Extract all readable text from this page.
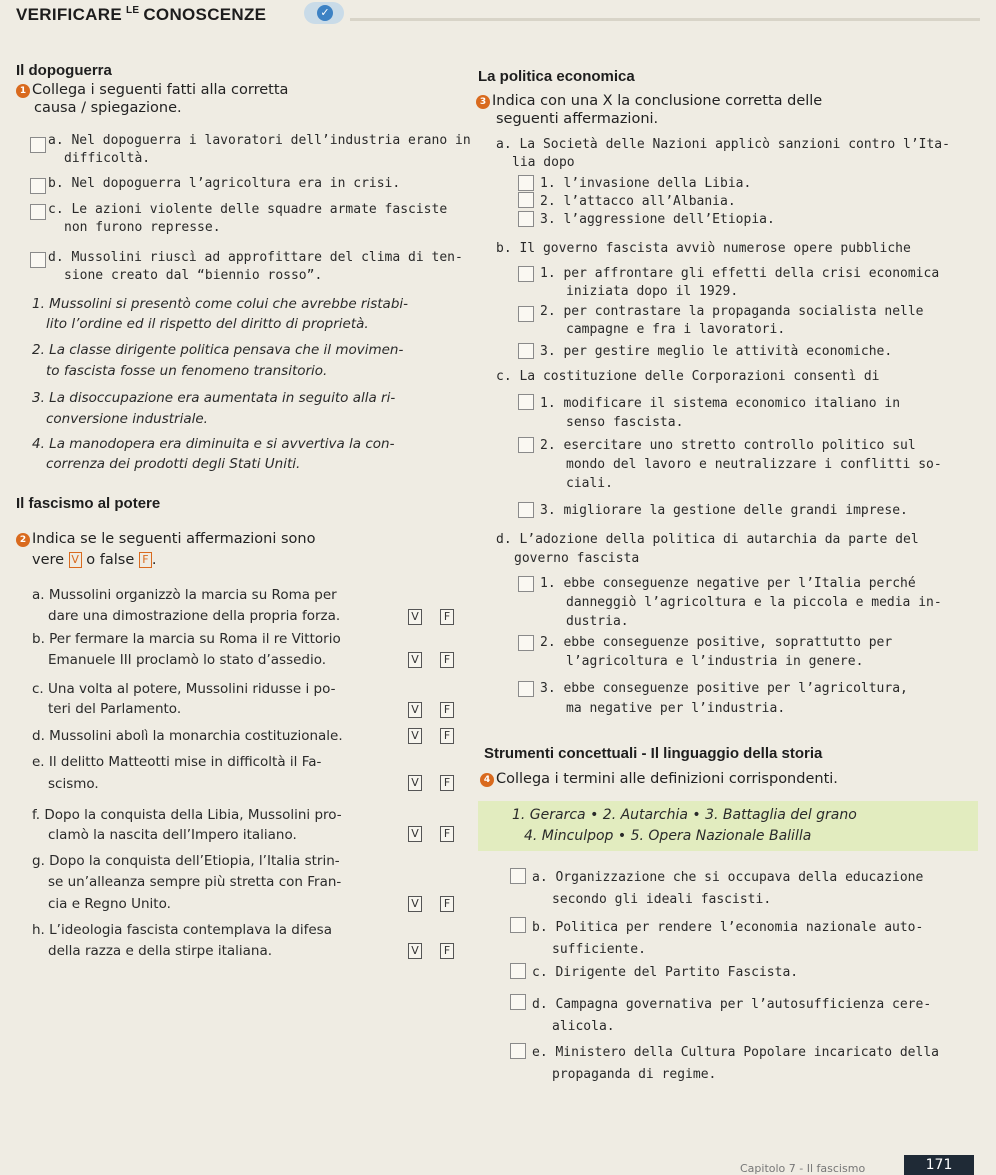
VERIFICARE $^{LE}$ CONOSCENZE	✓
Il dopoguerra
1 Collega i seguenti fatti alla corretta
causa / spiegazione.
a. Nel dopoguerra i lavoratori dell’industria erano in
difficoltà.
b. Nel dopoguerra l’agricoltura era in crisi.
c. Le azioni violente delle squadre armate fasciste
non furono represse.
d. Mussolini riuscì ad approfittare del clima di ten-
sione creato dal “biennio rosso”.
1. Mussolini si presentò come colui che avrebbe ristabi-
lito l’ordine ed il rispetto del diritto di proprietà.
2. La classe dirigente politica pensava che il movimen-
to fascista fosse un fenomeno transitorio.
3. La disoccupazione era aumentata in seguito alla ri-
conversione industriale.
4. La manodopera era diminuita e si avvertiva la con-
correnza dei prodotti degli Stati Uniti.
Il fascismo al potere
2 Indica se le seguenti affermazioni sono
vere V o false F .
a. Mussolini organizzò la marcia su Roma per
dare una dimostrazione della propria forza.	V	F
b. Per fermare la marcia su Roma il re Vittorio
Emanuele III proclamò lo stato d’assedio.	V	F
c. Una volta al potere, Mussolini ridusse i po-
teri del Parlamento.	V	F
d. Mussolini abolì la monarchia costituzionale.	V	F
e. Il delitto Matteotti mise in difficoltà il Fa-
scismo.	V	F
f. Dopo la conquista della Libia, Mussolini pro-
clamò la nascita dell’Impero italiano.	V	F
g. Dopo la conquista dell’Etiopia, l’Italia strin-
se un’alleanza sempre più stretta con Fran-
cia e Regno Unito.	V	F
h. L’ideologia fascista contemplava la difesa
della razza e della stirpe italiana.	V	F
La politica economica
3 Indica con una X la conclusione corretta delle
seguenti affermazioni.
a. La Società delle Nazioni applicò sanzioni contro l’Ita-
lia dopo
1. l’invasione della Libia.
2. l’attacco all’Albania.
3. l’aggressione dell’Etiopia.
b. Il governo fascista avviò numerose opere pubbliche
1. per affrontare gli effetti della crisi economica
iniziata dopo il 1929.
2. per contrastare la propaganda socialista nelle
campagne e fra i lavoratori.
3. per gestire meglio le attività economiche.
c. La costituzione delle Corporazioni consentì di
1. modificare il sistema economico italiano in
senso fascista.
2. esercitare uno stretto controllo politico sul
mondo del lavoro e neutralizzare i conflitti so-
ciali.
3. migliorare la gestione delle grandi imprese.
d. L’adozione della politica di autarchia da parte del
governo fascista
1. ebbe conseguenze negative per l’Italia perché
danneggiò l’agricoltura e la piccola e media in-
dustria.
2. ebbe conseguenze positive, soprattutto per
l’agricoltura e l’industria in genere.
3. ebbe conseguenze positive per l’agricoltura,
ma negative per l’industria.
Strumenti concettuali - Il linguaggio della storia
4 Collega i termini alle definizioni corrispondenti.
1. Gerarca • 2. Autarchia • 3. Battaglia del grano
4. Minculpop • 5. Opera Nazionale Balilla
a. Organizzazione che si occupava della educazione
secondo gli ideali fascisti.
b. Politica per rendere l’economia nazionale auto-
sufficiente.
c. Dirigente del Partito Fascista.
d. Campagna governativa per l’autosufficienza cere-
alicola.
e. Ministero della Cultura Popolare incaricato della
propaganda di regime.
Capitolo 7 - Il fascismo	171
